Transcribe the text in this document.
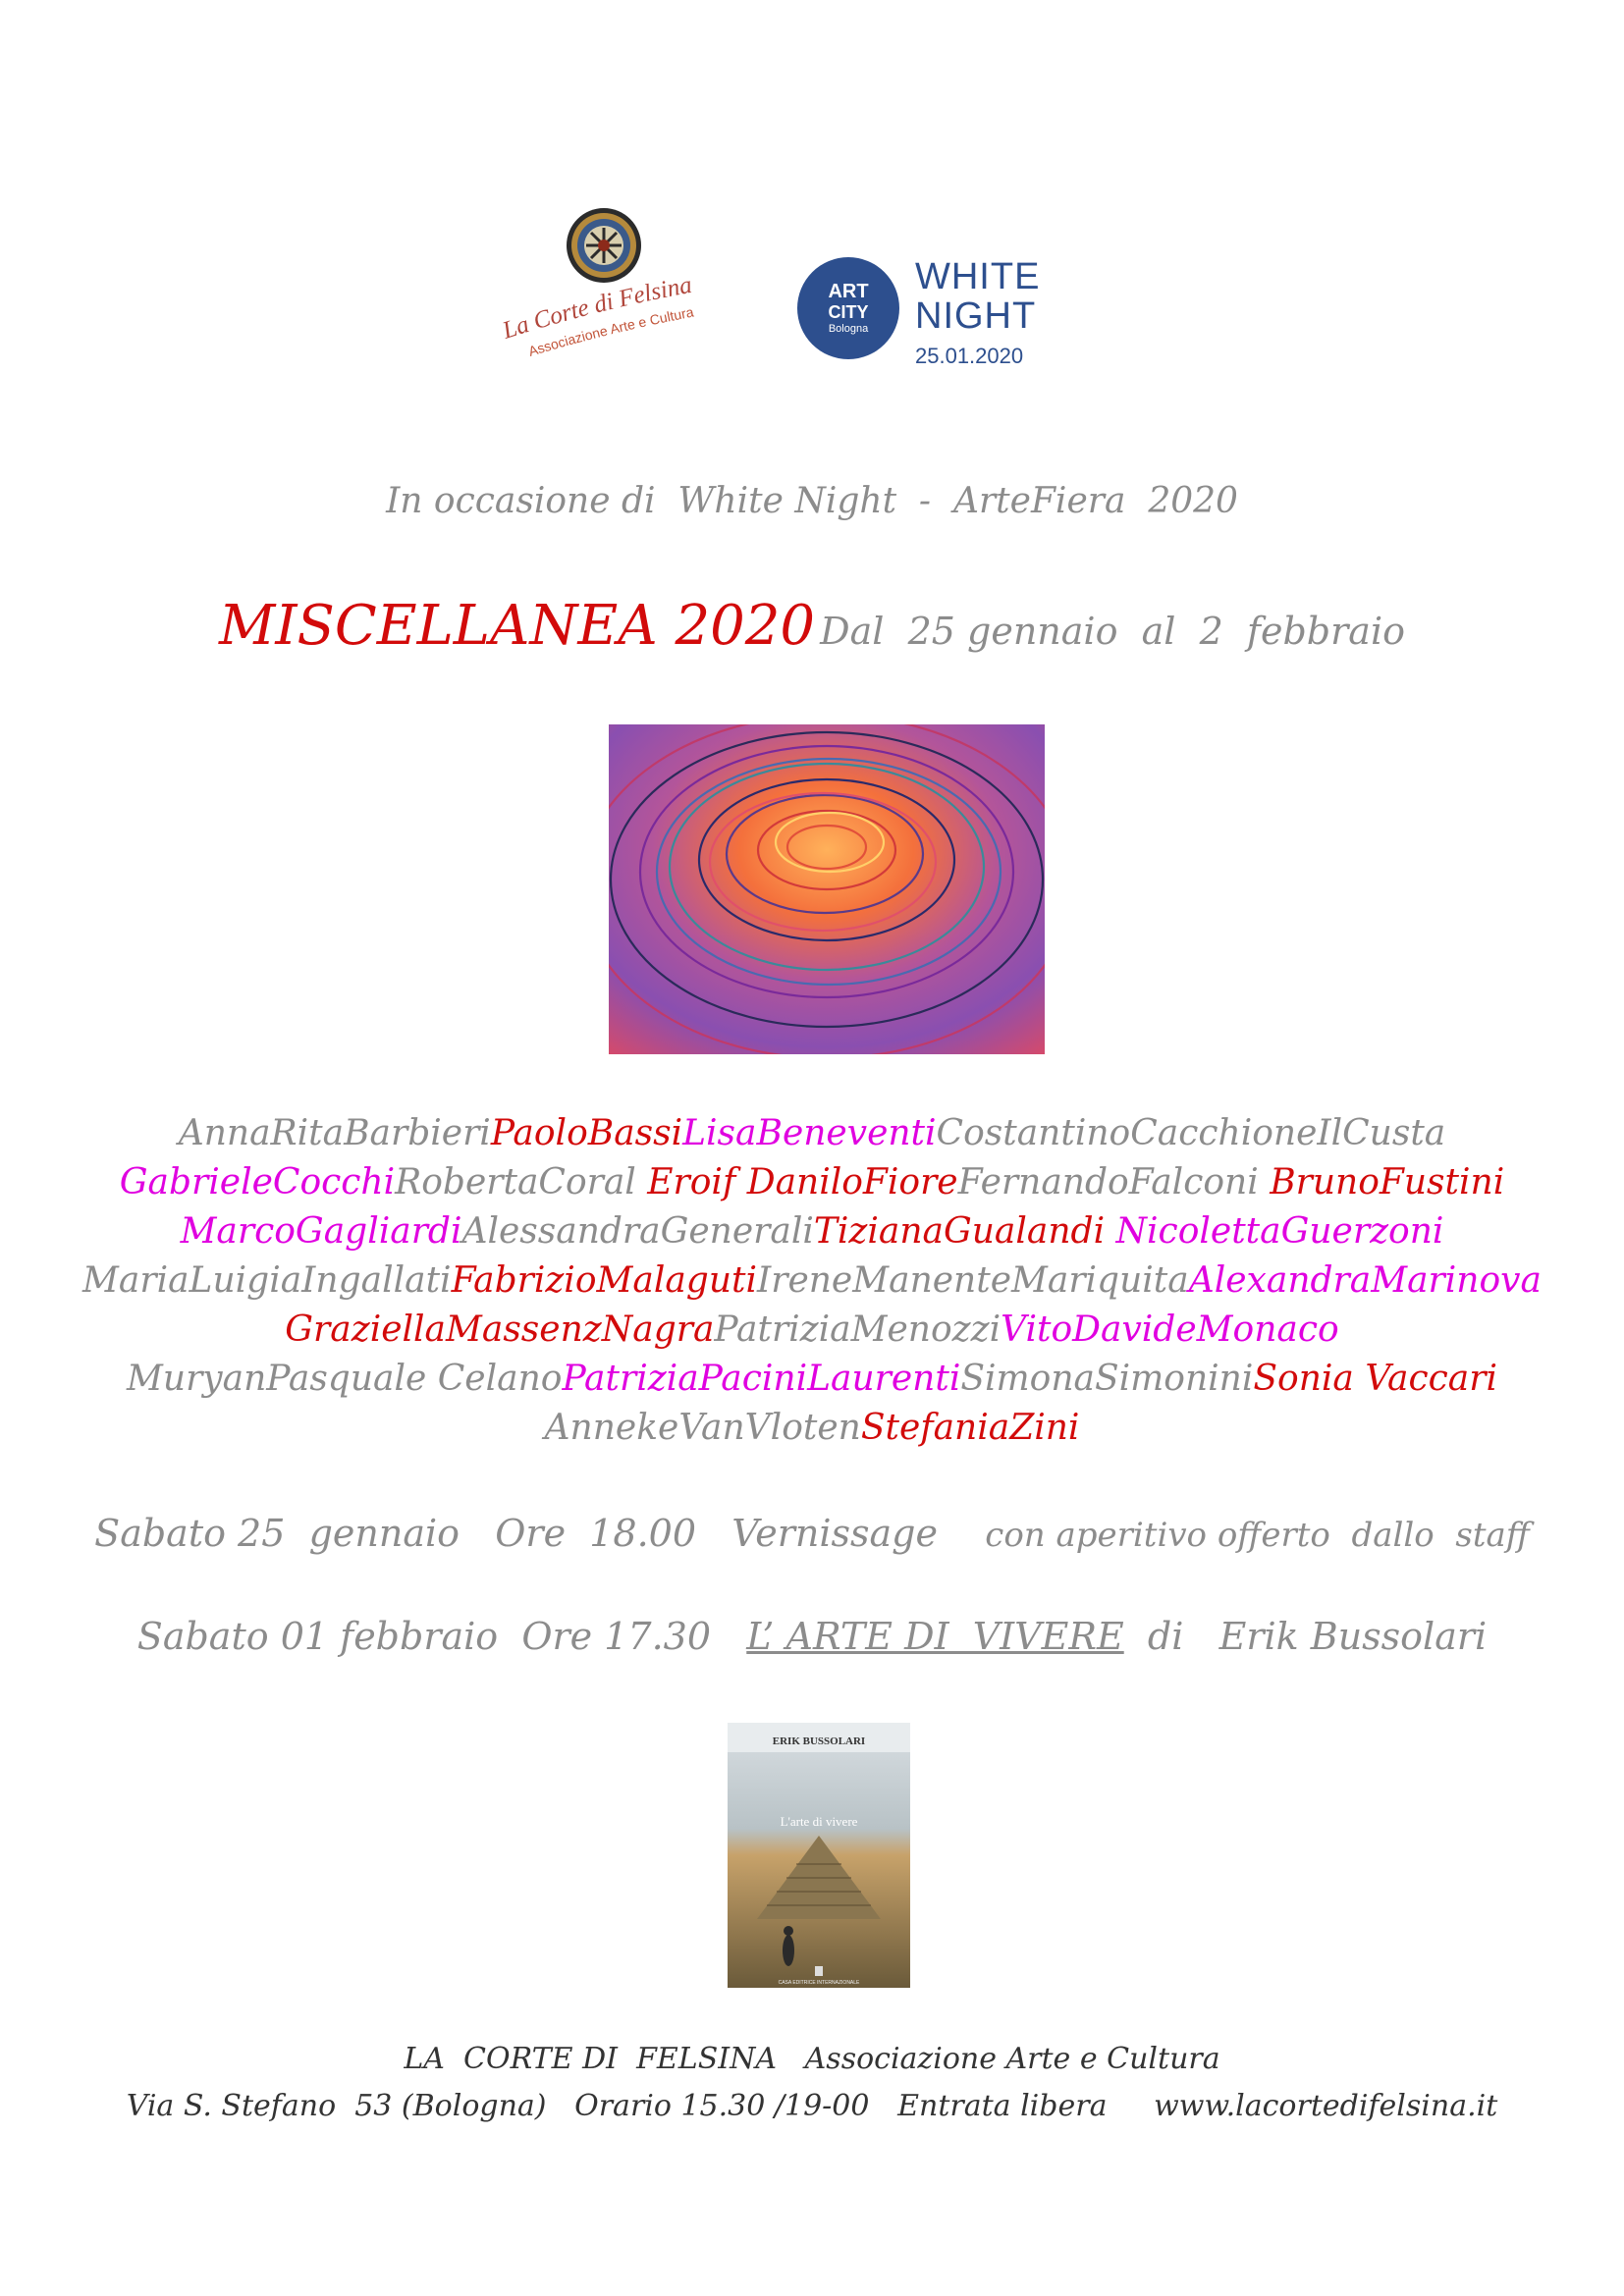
La Corte di Felsina
Associazione Arte e Cultura
ART
CITY
Bologna
WHITE
NIGHT
25.01.2020
In occasione di  White Night  -  ArteFiera  2020
MISCELLANEA 2020 Dal  25 gennaio  al  2  febbraio
AnnaRitaBarbieriPaoloBassiLisaBeneventiCostantinoCacchioneIlCusta
GabrieleCocchiRobertaCoral Eroif DaniloFioreFernandoFalconi BrunoFustini
MarcoGagliardiAlessandraGeneraliTizianaGualandi NicolettaGuerzoni
MariaLuigiaIngallatiFabrizioMalagutiIreneManenteMariquitaAlexandraMarinova
GraziellaMassenzNagraPatriziaMenozziVitoDavideMonaco
MuryanPasquale CelanoPatriziaPaciniLaurentiSimonaSimoniniSonia Vaccari
AnnekeVanVlotenStefaniaZini
Sabato 25  gennaio   Ore  18.00 Vernissage con aperitivo offerto  dallo  staff
Sabato 01 febbraio  Ore 17.30 L’ ARTE DI  VIVERE di   Erik Bussolari
ERIK BUSSOLARI
L'arte di vivere
CASA EDITRICE INTERNAZIONALE
LA  CORTE DI  FELSINA   Associazione Arte e Cultura
Via S. Stefano  53 (Bologna)   Orario 15.30 /19-00   Entrata libera     www.lacortedifelsina.it
